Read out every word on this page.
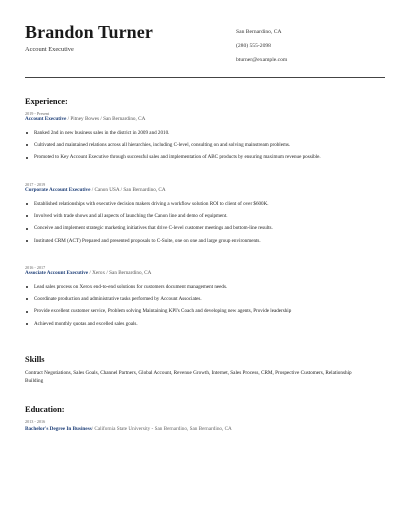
Brandon Turner
Account Executive
San Bernardino, CA
(280) 555-2098
bturner@example.com
Experience:
2019 - Present
Account Executive / Pitney Bowes / San Bernardino, CA
Ranked 2nd in new business sales in the district in 2009 and 2010.
Cultivated and maintained relations across all hierarchies, including C-level, consulting on and solving mainstream problems.
Promoted to Key Account Executive through successful sales and implementation of ABC products by ensuring maximum revenue possible.
2017 - 2019
Corporate Account Executive / Canon USA / San Bernardino, CA
Established relationships with executive decision makers driving a workflow solution ROI to client of over $600K.
Involved with trade shows and all aspects of launching the Canon line and demo of equipment.
Conceive and implement strategic marketing initiatives that drive C-level customer meetings and bottom-line results.
Instituted CRM (ACT) Prepared and presented proposals to C-Suite, one on one and large group environments.
2016 - 2017
Associate Account Executive / Xerox / San Bernardino, CA
Lead sales process on Xerox end-to-end solutions for customers document management needs.
Coordinate production and administrative tasks performed by Account Associates.
Provide excellent customer service, Problem solving Maintaining KPI's Coach and developing new agents, Provide leadership
Achieved monthly quotas and excelled sales goals.
Skills
Contract Negotiations, Sales Goals, Channel Partners, Global Account, Revenue Growth, Internet, Sales Process, CRM, Prospective Customers, Relationship Building
Education:
2013 - 2016
Bachelor's Degree In Business/ California State University - San Bernardino, San Bernardino, CA
